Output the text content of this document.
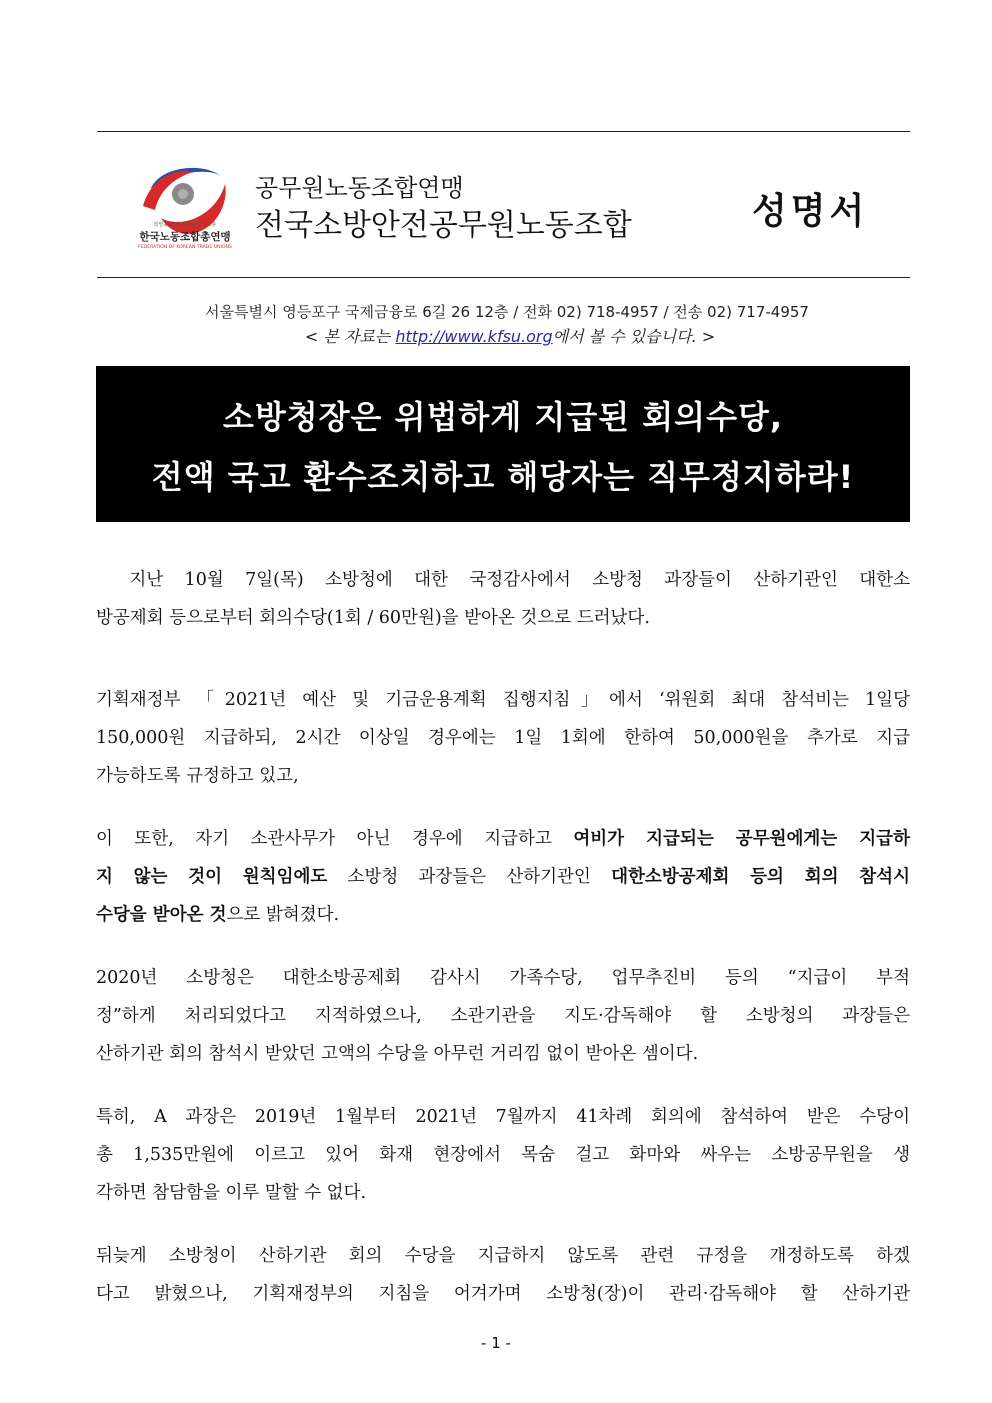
희망을 향해 하나된 한국노총
한국노동조합총연맹
FEDERATION OF KOREAN TRADE UNIONS
공무원노동조합연맹
전국소방안전공무원노동조합	성명서
서울특별시 영등포구 국제금융로 6길 26 12층 / 전화 02) 718-4957 / 전송 02) 717-4957
< 본 자료는 http://www.kfsu.org에서 볼 수 있습니다. >
소방청장은 위법하게 지급된 회의수당,
전액 국고 환수조치하고 해당자는 직무정지하라!
　지난 10월 7일(목) 소방청에 대한 국정감사에서 소방청 과장들이 산하기관인 대한소
방공제회 등으로부터 회의수당(1회 / 60만원)을 받아온 것으로 드러났다.
기획재정부 「2021년 예산 및 기금운용계획 집행지침」에서 ‘위원회 최대 참석비는 1일당
150,000원 지급하되, 2시간 이상일 경우에는 1일 1회에 한하여 50,000원을 추가로 지급
가능하도록 규정하고 있고,
이 또한, 자기 소관사무가 아닌 경우에 지급하고 여비가 지급되는 공무원에게는 지급하
지 않는 것이 원칙임에도 소방청 과장들은 산하기관인 대한소방공제회 등의 회의 참석시
수당을 받아온 것으로 밝혀졌다.
2020년 소방청은 대한소방공제회 감사시 가족수당, 업무추진비 등의 “지급이 부적
정”하게 처리되었다고 지적하였으나, 소관기관을 지도·감독해야 할 소방청의 과장들은
산하기관 회의 참석시 받았던 고액의 수당을 아무런 거리낌 없이 받아온 셈이다.
특히, A 과장은 2019년 1월부터 2021년 7월까지 41차례 회의에 참석하여 받은 수당이
총 1,535만원에 이르고 있어 화재 현장에서 목숨 걸고 화마와 싸우는 소방공무원을 생
각하면 참담함을 이루 말할 수 없다.
뒤늦게 소방청이 산하기관 회의 수당을 지급하지 않도록 관련 규정을 개정하도록 하겠
다고 밝혔으나, 기획재정부의 지침을 어겨가며 소방청(장)이 관리·감독해야 할 산하기관
- 1 -
